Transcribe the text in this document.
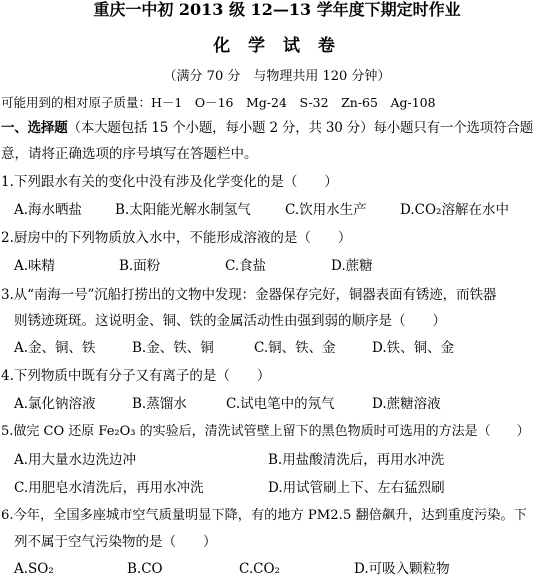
重庆一中初 2013 级 12—13 学年度下期定时作业
化 学 试 卷
（满分 70 分　与物理共用 120 分钟）
可能用到的相对原子质量：H－1　O－16　Mg-24　S-32　Zn-65　Ag-108
一、选择题（本大题包括 15 个小题，每小题 2 分，共 30 分）每小题只有一个选项符合题
意，请将正确选项的序号填写在答题栏中。
1.下列跟水有关的变化中没有涉及化学变化的是（　　）
A.海水晒盐 B.太阳能光解水制氢气	C.饮用水生产 D.CO₂溶解在水中
2.厨房中的下列物质放入水中，不能形成溶液的是（　　）
A.味精	B.面粉	C.食盐	D.蔗糖
3.从“南海一号”沉船打捞出的文物中发现：金器保存完好，铜器表面有锈迹，而铁器
则锈迹斑斑。这说明金、铜、铁的金属活动性由强到弱的顺序是（　　）
A.金、铜、铁	B.金、铁、铜	C.铜、铁、金	D.铁、铜、金
4.下列物质中既有分子又有离子的是（　　）
A.氯化钠溶液	B.蒸馏水	C.试电笔中的氖气	D.蔗糖溶液
5.做完 CO 还原 Fe₂O₃ 的实验后，清洗试管壁上留下的黑色物质时可选用的方法是（　　）
A.用大量水边洗边冲	B.用盐酸清洗后，再用水冲洗
C.用肥皂水清洗后，再用水冲洗	D.用试管刷上下、左右猛烈刷
6.今年，全国多座城市空气质量明显下降，有的地方 PM2.5 翻倍飙升，达到重度污染。下
列不属于空气污染物的是（　　）
A.SO₂	B.CO	C.CO₂	D.可吸入颗粒物
